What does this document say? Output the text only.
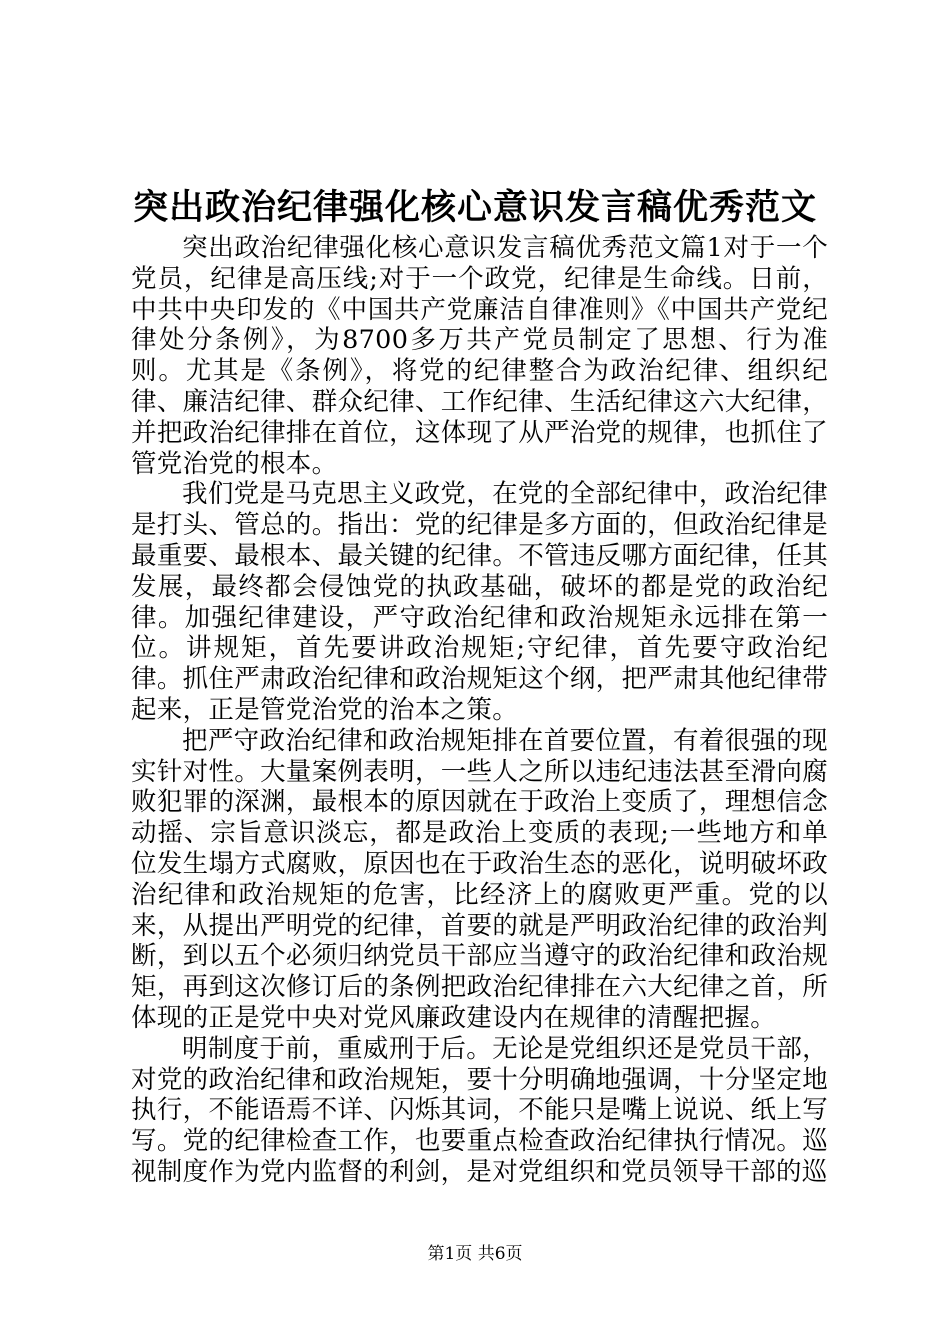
突出政治纪律强化核心意识发言稿优秀范文

突出政治纪律强化核心意识发言稿优秀范文篇1对于一个党员，纪律是高压线;对于一个政党，纪律是生命线。日前，中共中央印发的《中国共产党廉洁自律准则》《中国共产党纪律处分条例》，为8700多万共产党员制定了思想、行为准则。尤其是《条例》，将党的纪律整合为政治纪律、组织纪律、廉洁纪律、群众纪律、工作纪律、生活纪律这六大纪律，并把政治纪律排在首位，这体现了从严治党的规律，也抓住了管党治党的根本。

我们党是马克思主义政党，在党的全部纪律中，政治纪律是打头、管总的。指出：党的纪律是多方面的，但政治纪律是最重要、最根本、最关键的纪律。不管违反哪方面纪律，任其发展，最终都会侵蚀党的执政基础，破坏的都是党的政治纪律。加强纪律建设，严守政治纪律和政治规矩永远排在第一位。讲规矩，首先要讲政治规矩;守纪律，首先要守政治纪律。抓住严肃政治纪律和政治规矩这个纲，把严肃其他纪律带起来，正是管党治党的治本之策。

把严守政治纪律和政治规矩排在首要位置，有着很强的现实针对性。大量案例表明，一些人之所以违纪违法甚至滑向腐败犯罪的深渊，最根本的原因就在于政治上变质了，理想信念动摇、宗旨意识淡忘，都是政治上变质的表现;一些地方和单位发生塌方式腐败，原因也在于政治生态的恶化，说明破坏政治纪律和政治规矩的危害，比经济上的腐败更严重。党的以来，从提出严明党的纪律，首要的就是严明政治纪律的政治判断，到以五个必须归纳党员干部应当遵守的政治纪律和政治规矩，再到这次修订后的条例把政治纪律排在六大纪律之首，所体现的正是党中央对党风廉政建设内在规律的清醒把握。

明制度于前，重威刑于后。无论是党组织还是党员干部，对党的政治纪律和政治规矩，要十分明确地强调，十分坚定地执行，不能语焉不详、闪烁其词，不能只是嘴上说说、纸上写写。党的纪律检查工作，也要重点检查政治纪律执行情况。巡视制度作为党内监督的利剑，是对党组织和党员领导干部的巡

第1页 共6页
